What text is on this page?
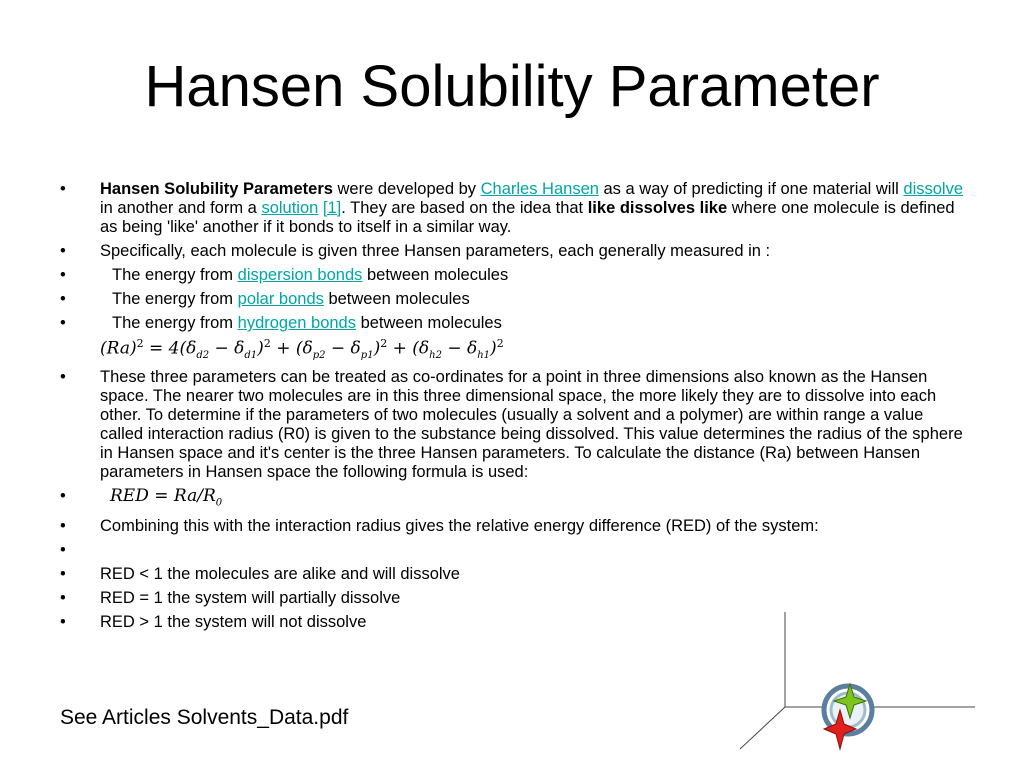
Hansen Solubility Parameter
• Hansen Solubility Parameters were developed by Charles Hansen as a way of predicting if one material will dissolve in another and form a solution [1]. They are based on the idea that like dissolves like where one molecule is defined as being 'like' another if it bonds to itself in a similar way.
• Specifically, each molecule is given three Hansen parameters, each generally measured in :
•	The energy from dispersion bonds between molecules
•	The energy from polar bonds between molecules
•	The energy from hydrogen bonds between molecules
$(Ra)^2 = 4(\delta_{d2} - \delta_{d1})^2 + (\delta_{p2} - \delta_{p1})^2 + (\delta_{h2} - \delta_{h1})^2$
• These three parameters can be treated as co-ordinates for a point in three dimensions also known as the Hansen space. The nearer two molecules are in this three dimensional space, the more likely they are to dissolve into each other. To determine if the parameters of two molecules (usually a solvent and a polymer) are within range a value called interaction radius (R0) is given to the substance being dissolved. This value determines the radius of the sphere in Hansen space and it's center is the three Hansen parameters. To calculate the distance (Ra) between Hansen parameters in Hansen space the following formula is used:
•	RED = $Ra/R_0$
• Combining this with the interaction radius gives the relative energy difference (RED) of the system:
•
• RED < 1 the molecules are alike and will dissolve
• RED = 1 the system will partially dissolve
• RED > 1 the system will not dissolve
See Articles Solvents_Data.pdf
